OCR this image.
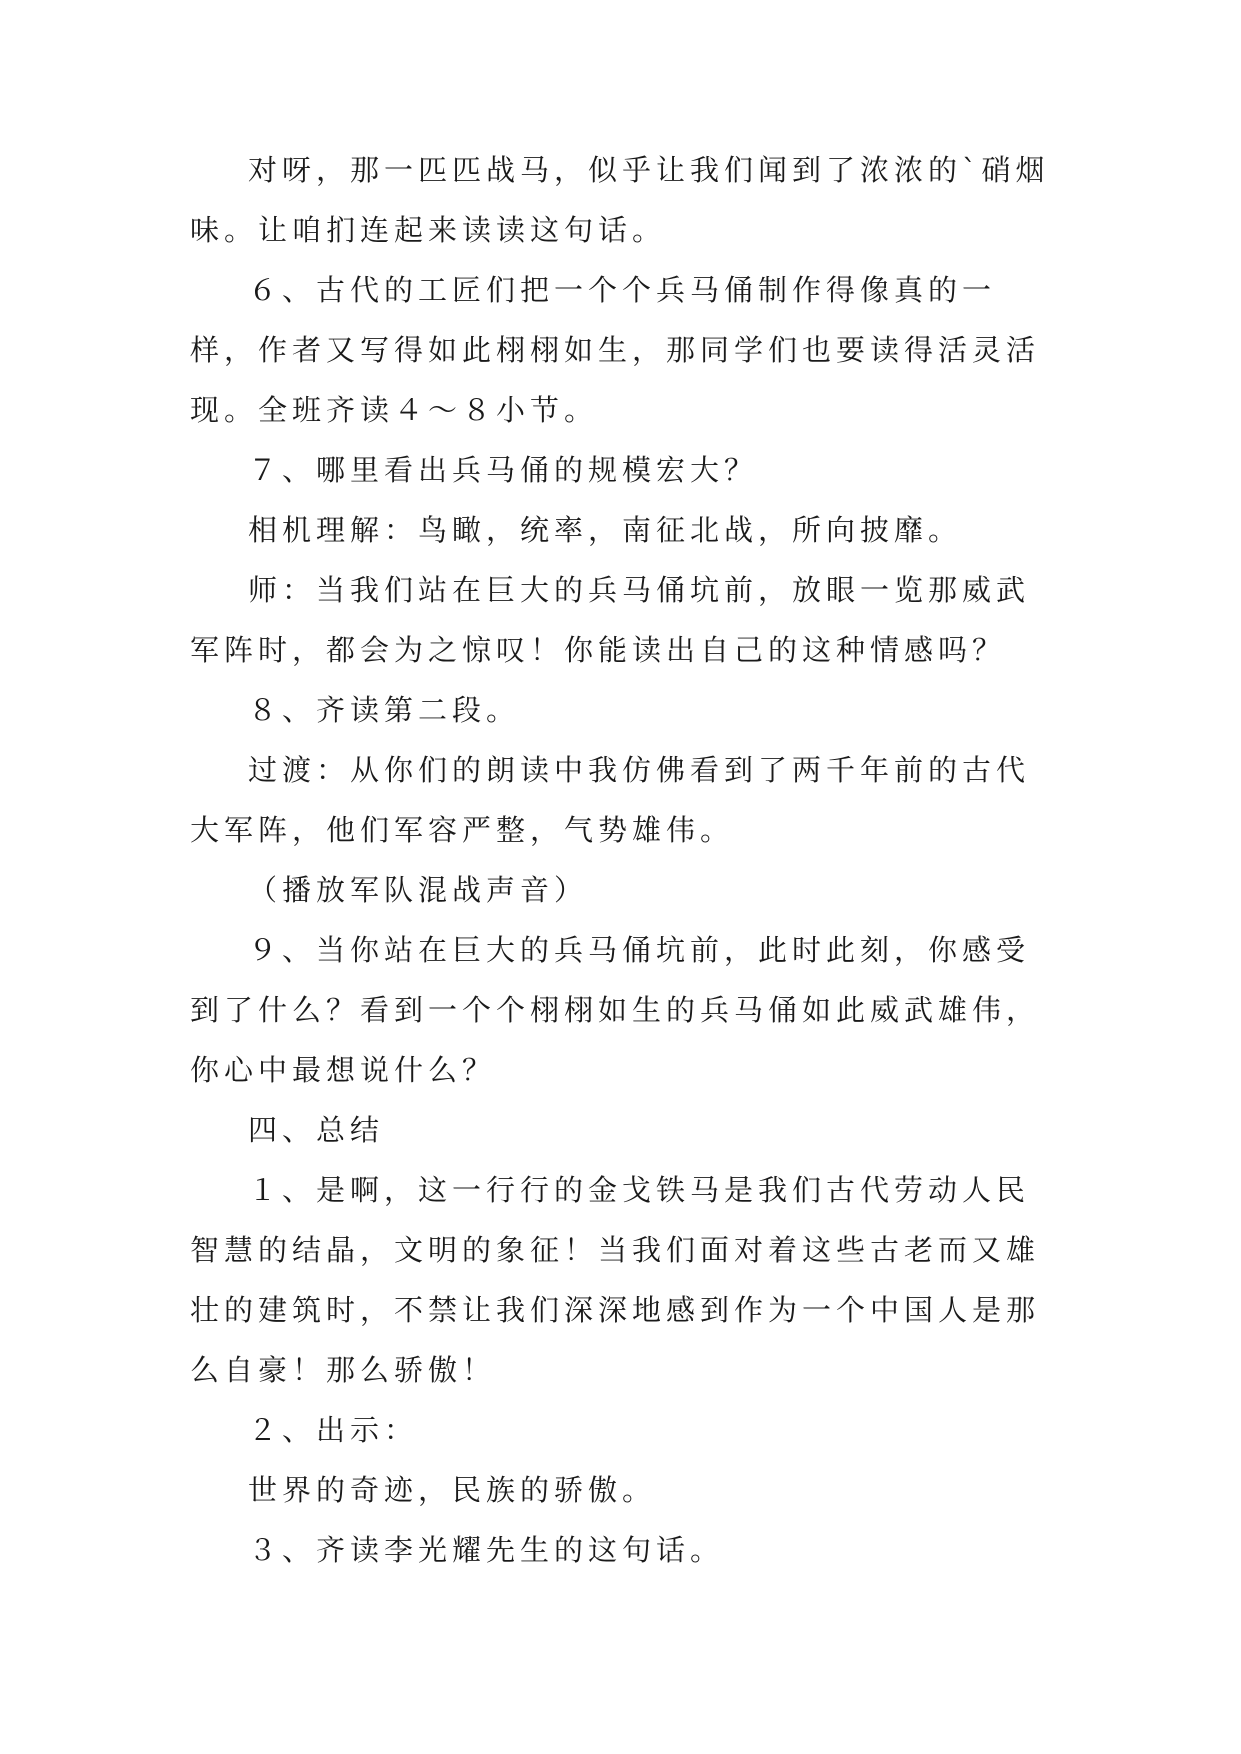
对呀，那一匹匹战马，似乎让我们闻到了浓浓的`硝烟味。让咱扪连起来读读这句话。

６、古代的工匠们把一个个兵马俑制作得像真的一样，作者又写得如此栩栩如生，那同学们也要读得活灵活现。全班齐读４～８小节。

７、哪里看出兵马俑的规模宏大？

相机理解：鸟瞰，统率，南征北战，所向披靡。

师：当我们站在巨大的兵马俑坑前，放眼一览那威武军阵时，都会为之惊叹！你能读出自己的这种情感吗？

８、齐读第二段。

过渡：从你们的朗读中我仿佛看到了两千年前的古代大军阵，他们军容严整，气势雄伟。

（播放军队混战声音）

９、当你站在巨大的兵马俑坑前，此时此刻，你感受到了什么？看到一个个栩栩如生的兵马俑如此威武雄伟，你心中最想说什么？

四、总结

１、是啊，这一行行的金戈铁马是我们古代劳动人民智慧的结晶，文明的象征！当我们面对着这些古老而又雄壮的建筑时，不禁让我们深深地感到作为一个中国人是那么自豪！那么骄傲！

２、出示：

世界的奇迹，民族的骄傲。

３、齐读李光耀先生的这句话。
